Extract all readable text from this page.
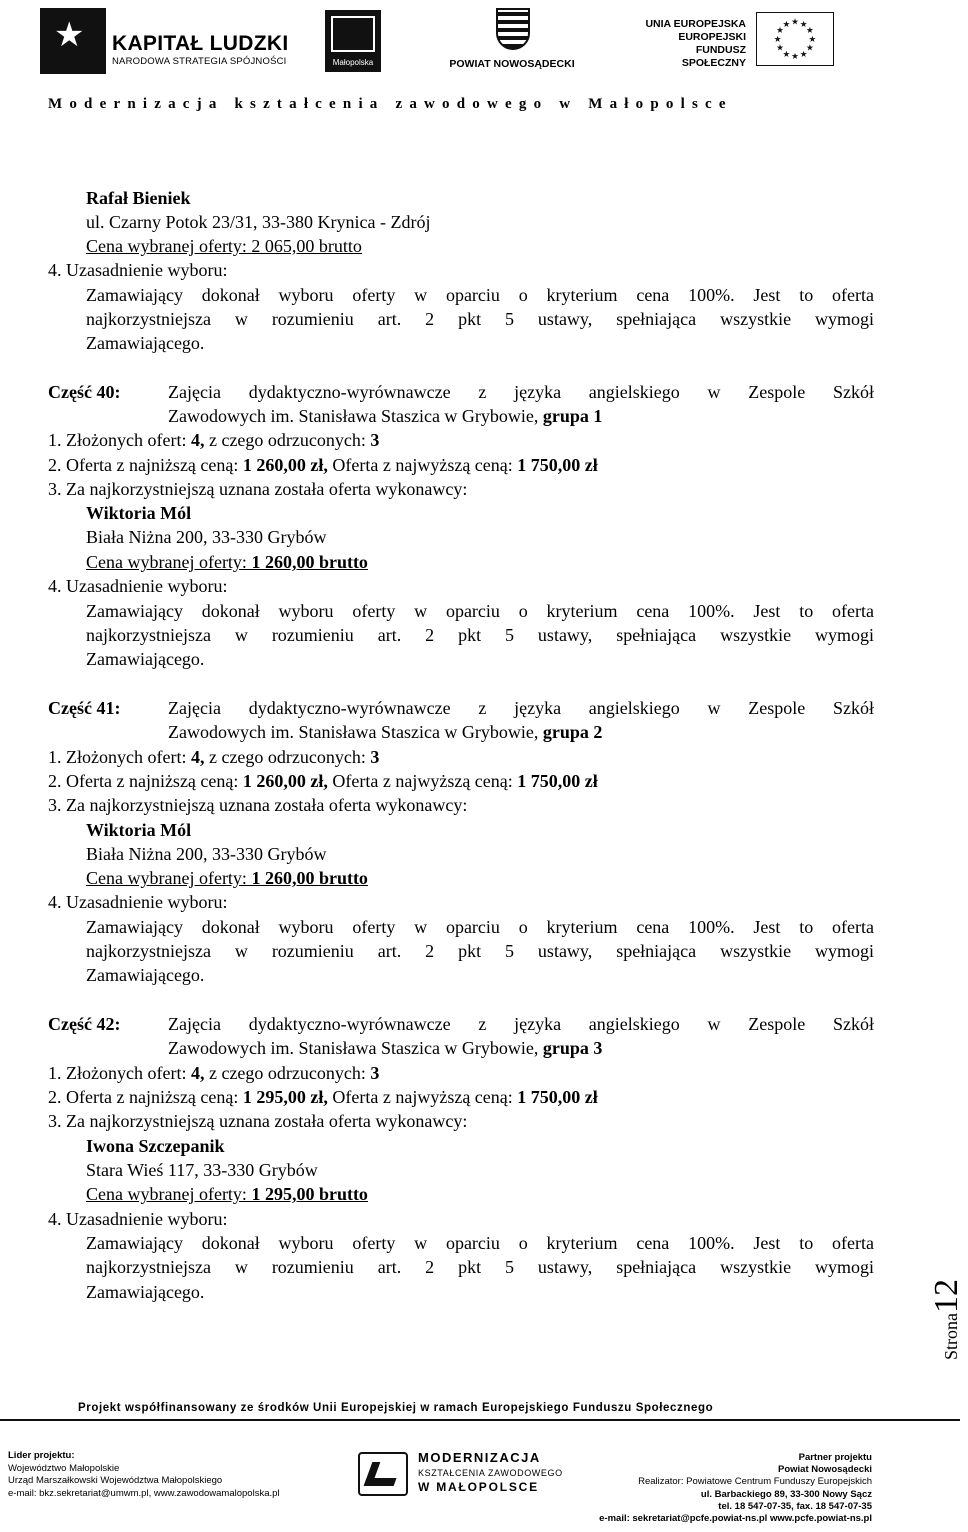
★ KAPITAŁ LUDZKI
NARODOWA STRATEGIA SPÓJNOŚCI	Małopolska	POWIAT NOWOSĄDECKI
UNIA EUROPEJSKA
EUROPEJSKI
FUNDUSZ SPOŁECZNY
★ ★
★
★
★
★
★
★
★
★
★
★
Modernizacja kształcenia zawodowego w Małopolsce
Rafał Bieniek
ul. Czarny Potok 23/31, 33-380 Krynica - Zdrój
Cena wybranej oferty: 2 065,00 brutto
4. Uzasadnienie wyboru:
Zamawiający dokonał wyboru oferty w oparciu o kryterium cena 100%. Jest to oferta
najkorzystniejsza w rozumieniu art. 2 pkt 5 ustawy, spełniająca wszystkie wymogi
Zamawiającego.
Część 40:	Zajęcia dydaktyczno-wyrównawcze z języka angielskiego w Zespole Szkół
Zawodowych im. Stanisława Staszica w Grybowie, grupa 1
1. Złożonych ofert: 4, z czego odrzuconych: 3
2. Oferta z najniższą ceną: 1 260,00 zł, Oferta z najwyższą ceną: 1 750,00 zł
3. Za najkorzystniejszą uznana została oferta wykonawcy:
Wiktoria Mól
Biała Niżna 200, 33-330 Grybów
Cena wybranej oferty: 1 260,00 brutto
4. Uzasadnienie wyboru:
Zamawiający dokonał wyboru oferty w oparciu o kryterium cena 100%. Jest to oferta
najkorzystniejsza w rozumieniu art. 2 pkt 5 ustawy, spełniająca wszystkie wymogi
Zamawiającego.
Część 41:	Zajęcia dydaktyczno-wyrównawcze z języka angielskiego w Zespole Szkół
Zawodowych im. Stanisława Staszica w Grybowie, grupa 2
1. Złożonych ofert: 4, z czego odrzuconych: 3
2. Oferta z najniższą ceną: 1 260,00 zł, Oferta z najwyższą ceną: 1 750,00 zł
3. Za najkorzystniejszą uznana została oferta wykonawcy:
Wiktoria Mól
Biała Niżna 200, 33-330 Grybów
Cena wybranej oferty: 1 260,00 brutto
4. Uzasadnienie wyboru:
Zamawiający dokonał wyboru oferty w oparciu o kryterium cena 100%. Jest to oferta
najkorzystniejsza w rozumieniu art. 2 pkt 5 ustawy, spełniająca wszystkie wymogi
Zamawiającego.
Część 42:	Zajęcia dydaktyczno-wyrównawcze z języka angielskiego w Zespole Szkół
Zawodowych im. Stanisława Staszica w Grybowie, grupa 3
1. Złożonych ofert: 4, z czego odrzuconych: 3
2. Oferta z najniższą ceną: 1 295,00 zł, Oferta z najwyższą ceną: 1 750,00 zł
3. Za najkorzystniejszą uznana została oferta wykonawcy:
Iwona Szczepanik
Stara Wieś 117, 33-330 Grybów
Cena wybranej oferty: 1 295,00 brutto
4. Uzasadnienie wyboru:
Zamawiający dokonał wyboru oferty w oparciu o kryterium cena 100%. Jest to oferta
najkorzystniejsza w rozumieniu art. 2 pkt 5 ustawy, spełniająca wszystkie wymogi
Zamawiającego.
Strona12
Projekt współfinansowany ze środków Unii Europejskiej w ramach Europejskiego Funduszu Społecznego
Lider projektu:
Województwo Małopolskie
Urząd Marszałkowski Województwa Małopolskiego
e-mail: bkz.sekretariat@umwm.pl, www.zawodowamalopolska.pl
MODERNIZACJA
KSZTAŁCENIA ZAWODOWEGO
W MAŁOPOLSCE
Partner projektu
Powiat Nowosądecki
Realizator: Powiatowe Centrum Funduszy Europejskich
ul. Barbackiego 89, 33-300 Nowy Sącz
tel. 18 547-07-35, fax. 18 547-07-35
e-mail: sekretariat@pcfe.powiat-ns.pl www.pcfe.powiat-ns.pl
